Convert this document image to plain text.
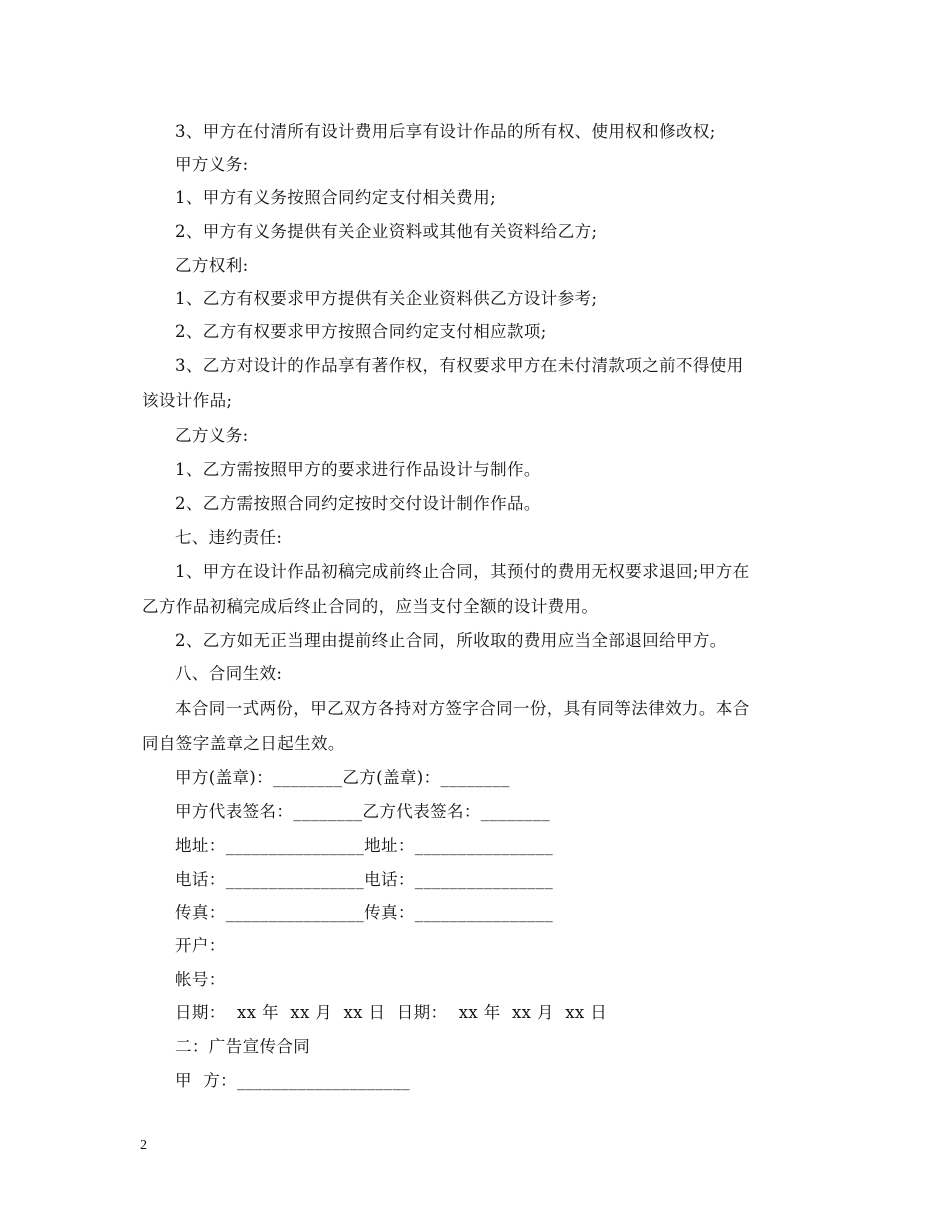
3、甲方在付清所有设计费用后享有设计作品的所有权、使用权和修改权;
甲方义务:
1、甲方有义务按照合同约定支付相关费用;
2、甲方有义务提供有关企业资料或其他有关资料给乙方;
乙方权利:
1、乙方有权要求甲方提供有关企业资料供乙方设计参考;
2、乙方有权要求甲方按照合同约定支付相应款项;
3、乙方对设计的作品享有著作权，有权要求甲方在未付清款项之前不得使用
该设计作品;
乙方义务:
1、乙方需按照甲方的要求进行作品设计与制作。
2、乙方需按照合同约定按时交付设计制作作品。
七、违约责任:
1、甲方在设计作品初稿完成前终止合同，其预付的费用无权要求退回;甲方在
乙方作品初稿完成后终止合同的，应当支付全额的设计费用。
2、乙方如无正当理由提前终止合同，所收取的费用应当全部退回给甲方。
八、合同生效:
本合同一式两份，甲乙双方各持对方签字合同一份，具有同等法律效力。本合
同自签字盖章之日起生效。
甲方(盖章)：________乙方(盖章)：________
甲方代表签名：________乙方代表签名：________
地址：________________地址：________________
电话：________________电话：________________
传真：________________传真：________________
开户：
帐号：
日期：  xx 年  xx 月  xx 日  日期：  xx 年  xx 月  xx 日
二：广告宣传合同
甲  方：____________________
2
